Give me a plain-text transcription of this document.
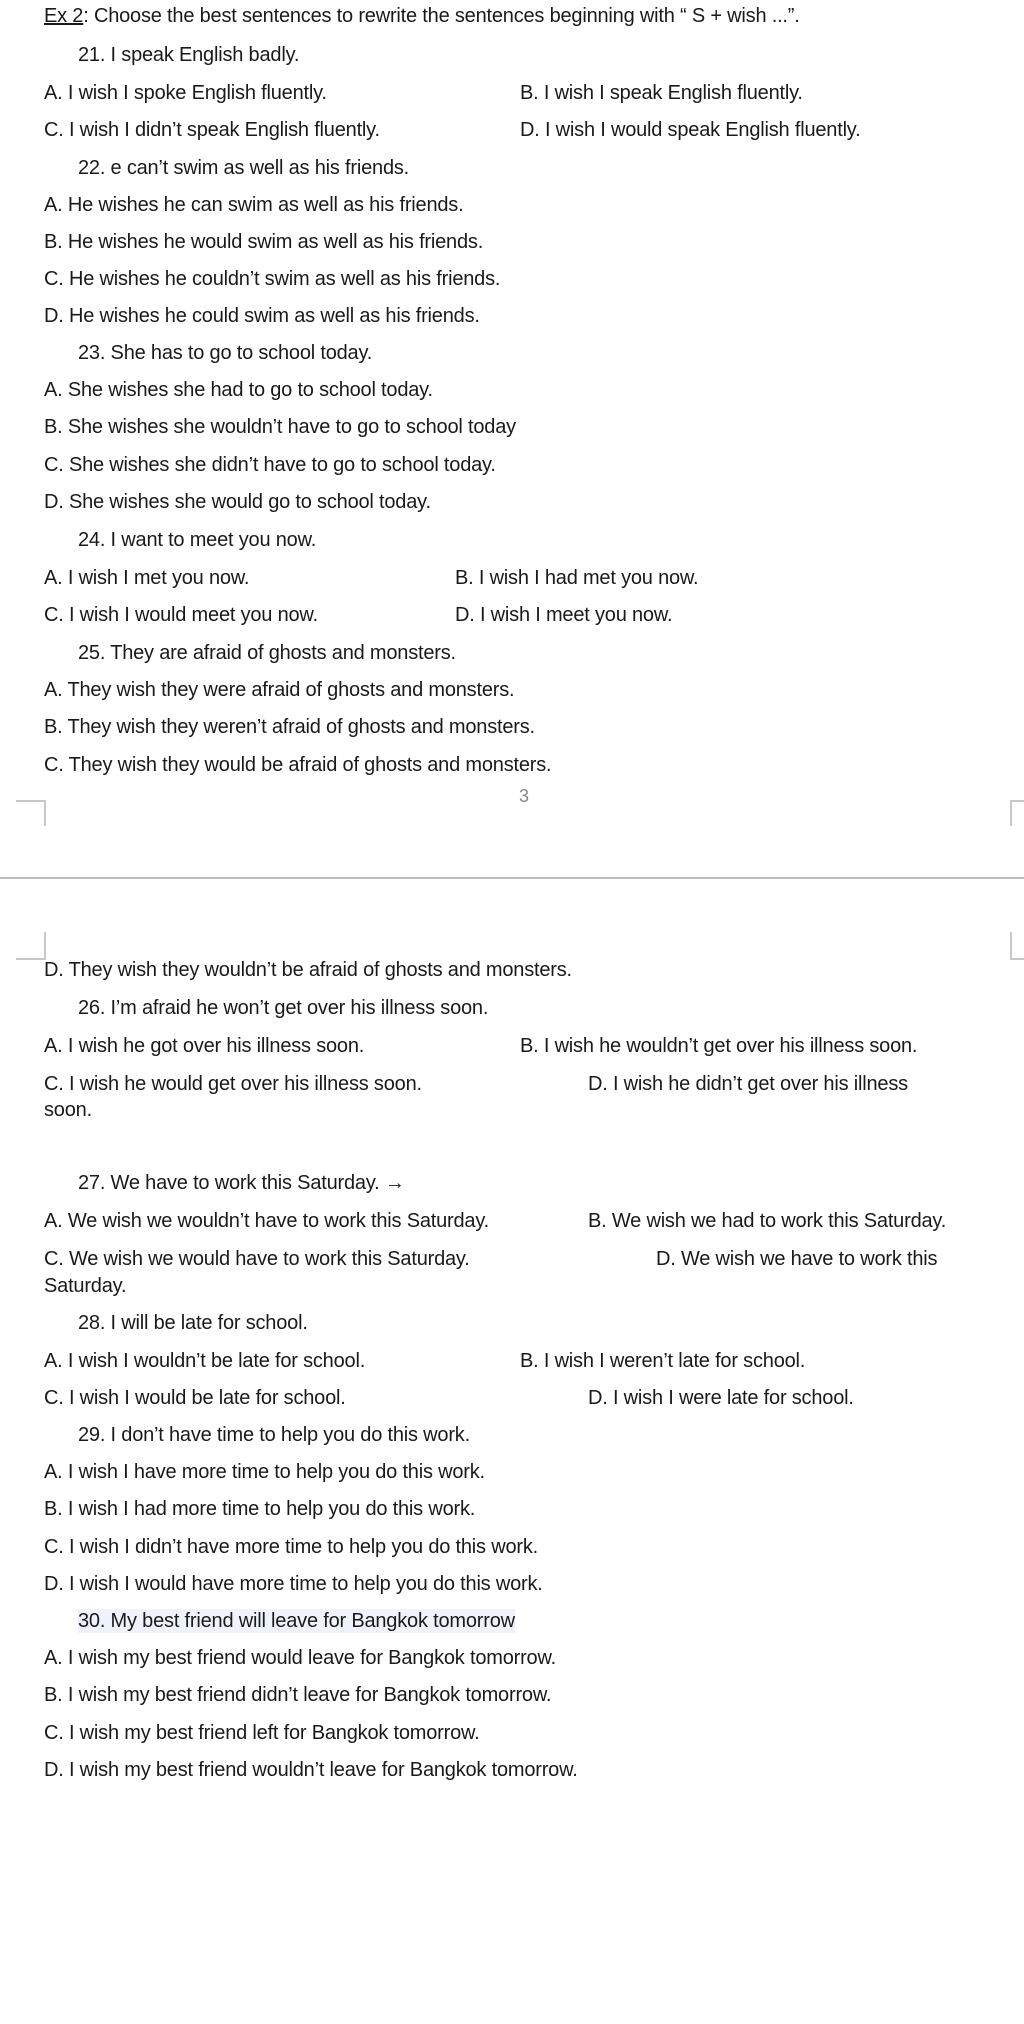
Ex 2: Choose the best sentences to rewrite the sentences beginning with “ S + wish ...”.
21. I speak English badly.
A. I wish I spoke English fluently.	B. I wish I speak English fluently.
C. I wish I didn’t speak English fluently.	D. I wish I would speak English fluently.
22. e can’t swim as well as his friends.
A. He wishes he can swim as well as his friends.
B. He wishes he would swim as well as his friends.
C. He wishes he couldn’t swim as well as his friends.
D. He wishes he could swim as well as his friends.
23. She has to go to school today.
A. She wishes she had to go to school today.
B. She wishes she wouldn’t have to go to school today
C. She wishes she didn’t have to go to school today.
D. She wishes she would go to school today.
24. I want to meet you now.
A. I wish I met you now.	B. I wish I had met you now.
C. I wish I would meet you now.	D. I wish I meet you now.
25. They are afraid of ghosts and monsters.
A. They wish they were afraid of ghosts and monsters.
B. They wish they weren’t afraid of ghosts and monsters.
C. They wish they would be afraid of ghosts and monsters.
3
D. They wish they wouldn’t be afraid of ghosts and monsters.
26. I’m afraid he won’t get over his illness soon.
A. I wish he got over his illness soon.	B. I wish he wouldn’t get over his illness soon.
C. I wish he would get over his illness soon.	D. I wish he didn’t get over his illness
soon.
27. We have to work this Saturday. →
A. We wish we wouldn’t have to work this Saturday.	B. We wish we had to work this Saturday.
C. We wish we would have to work this Saturday.	D. We wish we have to work this
Saturday.
28. I will be late for school.
A. I wish I wouldn’t be late for school.	B. I wish I weren’t late for school.
C. I wish I would be late for school.	D. I wish I were late for school.
29. I don’t have time to help you do this work.
A. I wish I have more time to help you do this work.
B. I wish I had more time to help you do this work.
C. I wish I didn’t have more time to help you do this work.
D. I wish I would have more time to help you do this work.
30. My best friend will leave for Bangkok tomorrow
A. I wish my best friend would leave for Bangkok tomorrow.
B. I wish my best friend didn’t leave for Bangkok tomorrow.
C. I wish my best friend left for Bangkok tomorrow.
D. I wish my best friend wouldn’t leave for Bangkok tomorrow.
